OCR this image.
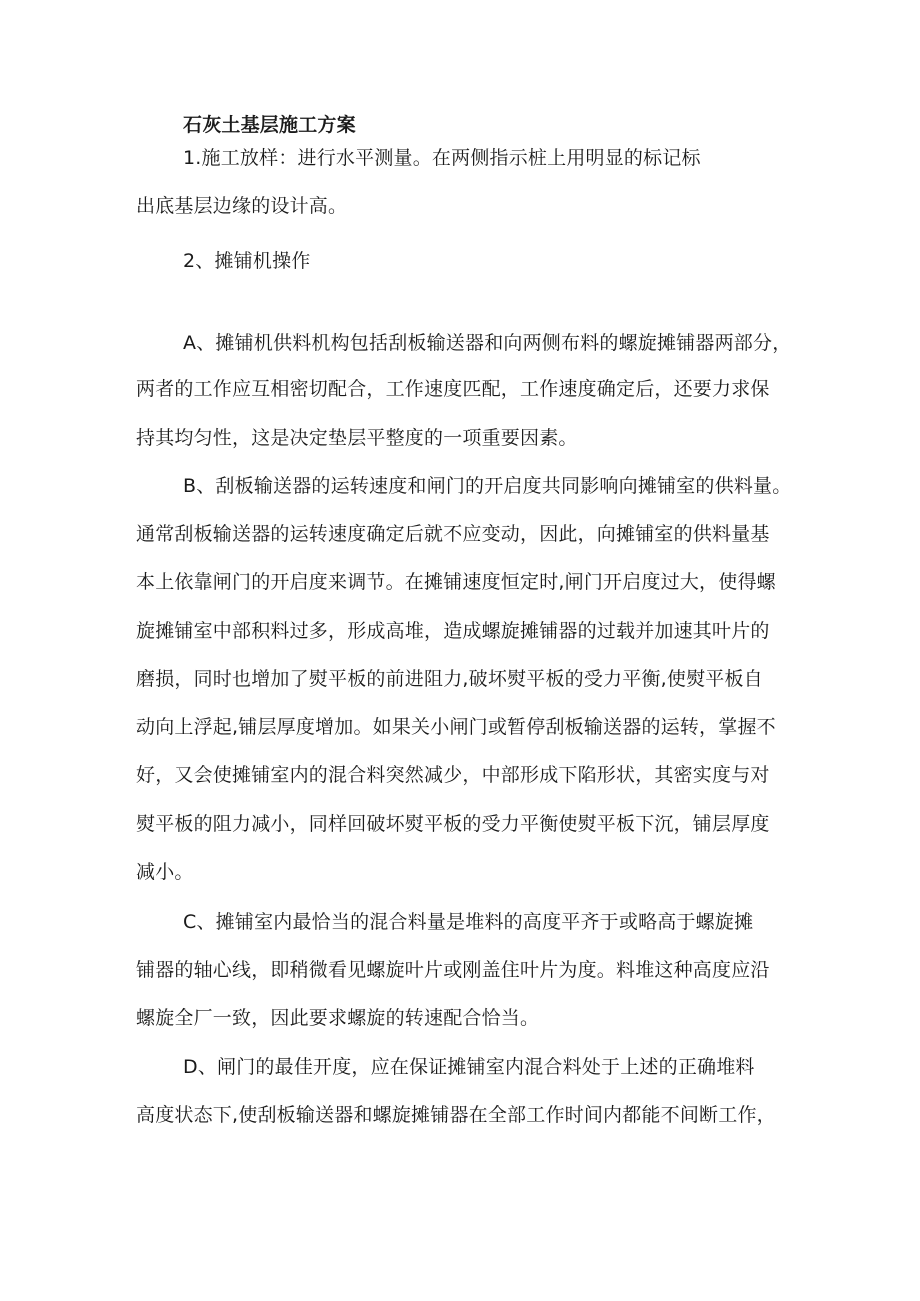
石灰土基层施工方案
1.施工放样：进行水平测量。在两侧指示桩上用明显的标记标
出底基层边缘的设计高。
2、摊铺机操作
A、摊铺机供料机构包括刮板输送器和向两侧布料的螺旋摊铺器两部分，
两者的工作应互相密切配合，工作速度匹配，工作速度确定后，还要力求保
持其均匀性，这是决定垫层平整度的一项重要因素。
B、刮板输送器的运转速度和闸门的开启度共同影响向摊铺室的供料量。
通常刮板输送器的运转速度确定后就不应变动，因此，向摊铺室的供料量基
本上依靠闸门的开启度来调节。在摊铺速度恒定时,闸门开启度过大，使得螺
旋摊铺室中部积料过多，形成高堆，造成螺旋摊铺器的过载并加速其叶片的
磨损，同时也增加了熨平板的前进阻力,破坏熨平板的受力平衡,使熨平板自
动向上浮起,铺层厚度增加。如果关小闸门或暂停刮板输送器的运转，掌握不
好，又会使摊铺室内的混合料突然减少，中部形成下陷形状，其密实度与对
熨平板的阻力减小，同样回破坏熨平板的受力平衡使熨平板下沉，铺层厚度
减小。
C、摊铺室内最恰当的混合料量是堆料的高度平齐于或略高于螺旋摊
铺器的轴心线，即稍微看见螺旋叶片或刚盖住叶片为度。料堆这种高度应沿
螺旋全厂一致，因此要求螺旋的转速配合恰当。
D、闸门的最佳开度，应在保证摊铺室内混合料处于上述的正确堆料
高度状态下,使刮板输送器和螺旋摊铺器在全部工作时间内都能不间断工作，
